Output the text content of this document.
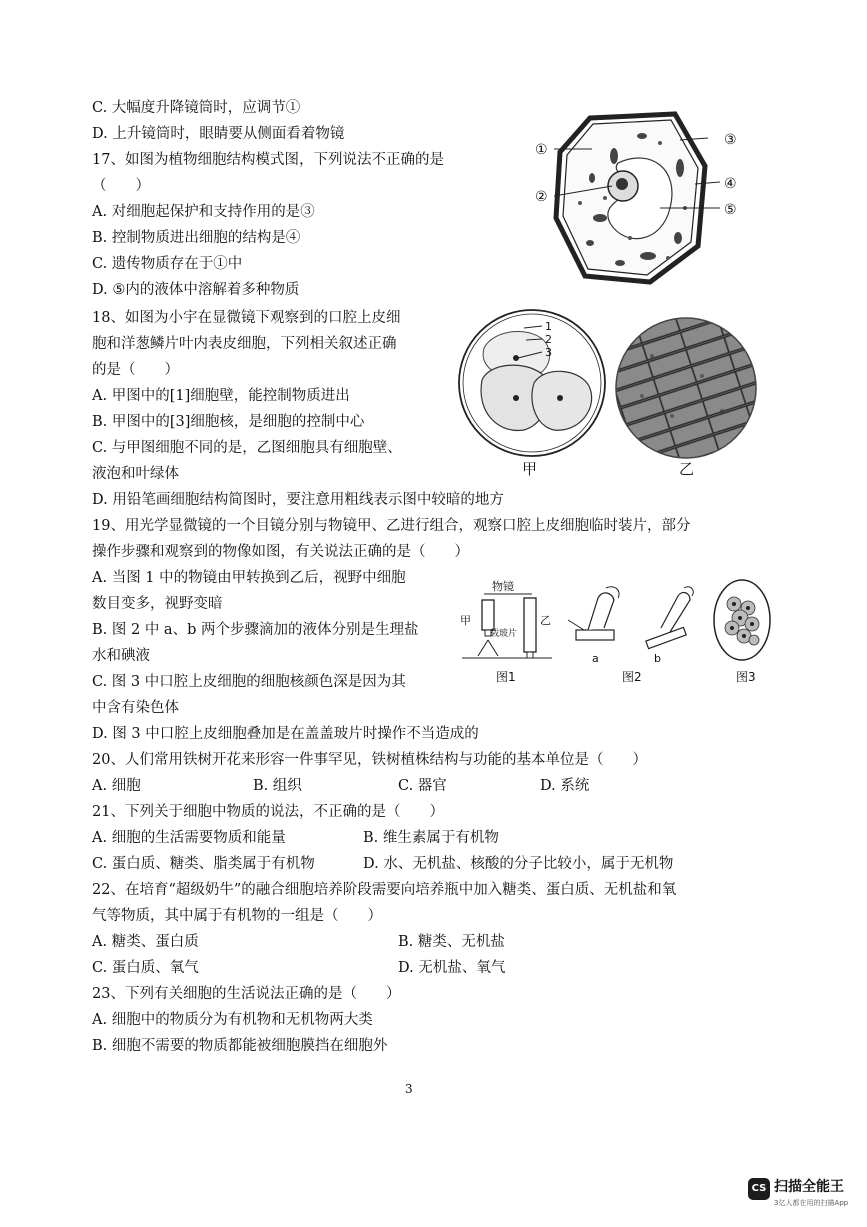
C. 大幅度升降镜筒时，应调节①
D. 上升镜筒时，眼睛要从侧面看着物镜
17、如图为植物细胞结构模式图，下列说法不正确的是
（　　）
A. 对细胞起保护和支持作用的是③
B. 控制物质进出细胞的结构是④
C. 遗传物质存在于①中
D. ⑤内的液体中溶解着多种物质
18、如图为小宇在显微镜下观察到的口腔上皮细
胞和洋葱鳞片叶内表皮细胞，下列相关叙述正确
的是（　　）
A. 甲图中的[1]细胞壁，能控制物质进出
B. 甲图中的[3]细胞核，是细胞的控制中心
C. 与甲图细胞不同的是，乙图细胞具有细胞壁、
液泡和叶绿体
D. 用铅笔画细胞结构简图时，要注意用粗线表示图中较暗的地方
19、用光学显微镜的一个目镜分别与物镜甲、乙进行组合，观察口腔上皮细胞临时装片，部分
操作步骤和观察到的物像如图，有关说法正确的是（　　）
A. 当图 1 中的物镜由甲转换到乙后，视野中细胞
数目变多，视野变暗
B. 图 2 中 a、b 两个步骤滴加的液体分别是生理盐
水和碘液
C. 图 3 中口腔上皮细胞的细胞核颜色深是因为其
中含有染色体
D. 图 3 中口腔上皮细胞叠加是在盖盖玻片时操作不当造成的
20、人们常用铁树开花来形容一件事罕见，铁树植株结构与功能的基本单位是（　　）
A. 细胞	B. 组织	C. 器官	D. 系统
21、下列关于细胞中物质的说法，不正确的是（　　）
A. 细胞的生活需要物质和能量	B. 维生素属于有机物
C. 蛋白质、糖类、脂类属于有机物	D. 水、无机盐、核酸的分子比较小，属于无机物
22、在培育“超级奶牛”的融合细胞培养阶段需要向培养瓶中加入糖类、蛋白质、无机盐和氧
气等物质，其中属于有机物的一组是（　　）
A. 糖类、蛋白质	B. 糖类、无机盐
C. 蛋白质、氧气	D. 无机盐、氧气
23、下列有关细胞的生活说法正确的是（　　）
A. 细胞中的物质分为有机物和无机物两大类
B. 细胞不需要的物质都能被细胞膜挡在细胞外
①
②
③
④
⑤
1
2
3
甲	乙
物镜
甲	乙
载玻片
图1
a	b
图2	图3
3
CS 扫描全能王
3亿人都在用的扫描App
